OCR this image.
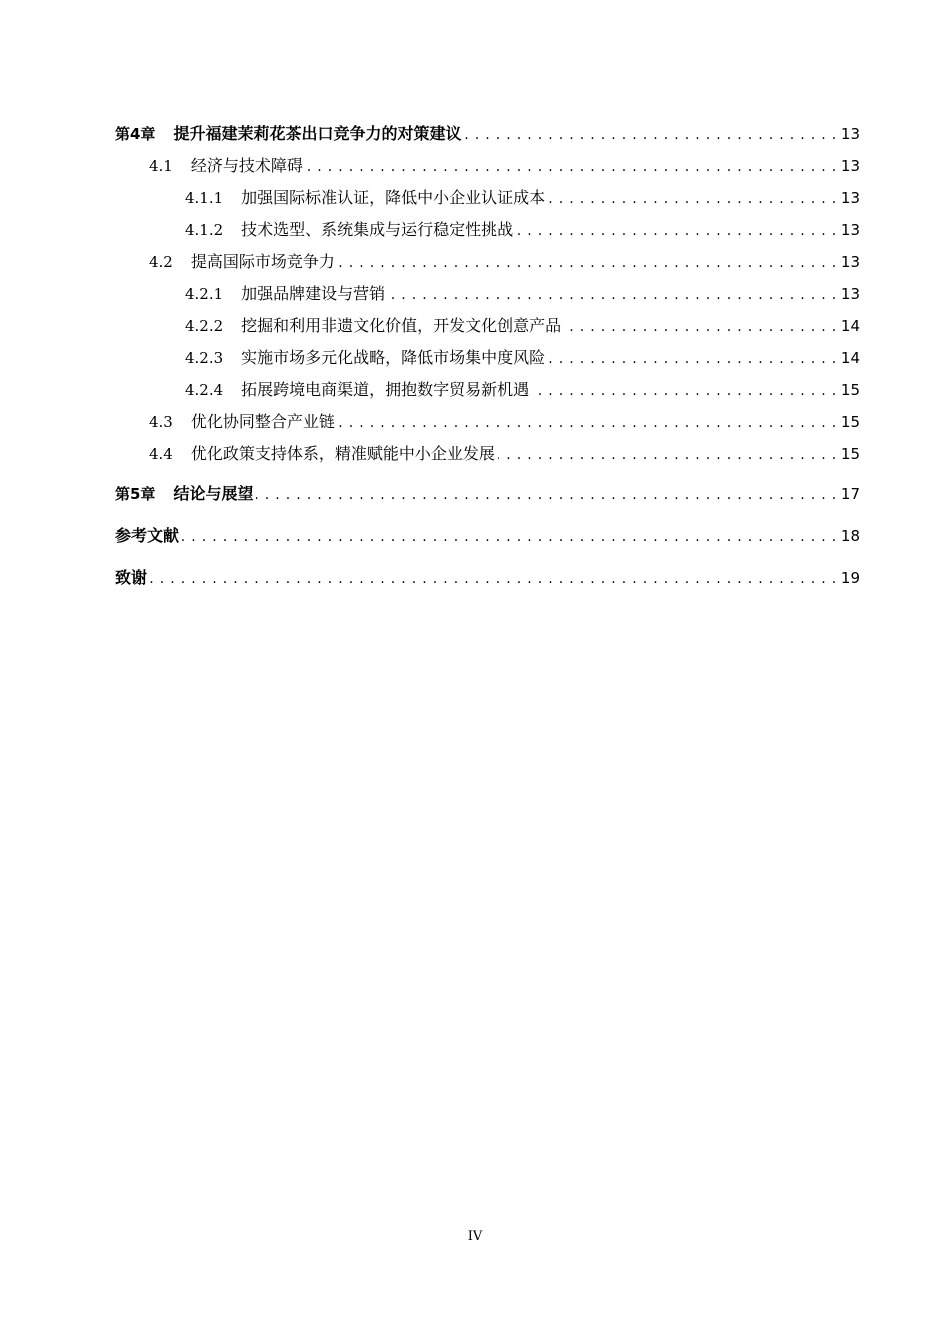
第4章 提升福建茉莉花茶出口竞争力的对策建议 . . .	13
4.1 经济与技术障碍 . . .	13
4.1.1 加强国际标准认证，降低中小企业认证成本 . . .	13
4.1.2 技术选型、系统集成与运行稳定性挑战 . . .	13
4.2 提高国际市场竞争力 . . .	13
4.2.1 加强品牌建设与营销 . . .	13
4.2.2 挖掘和利用非遗文化价值，开发文化创意产品 . . .	14
4.2.3 实施市场多元化战略，降低市场集中度风险 . . .	14
4.2.4 拓展跨境电商渠道，拥抱数字贸易新机遇 . . .	15
4.3 优化协同整合产业链 . . .	15
4.4 优化政策支持体系，精准赋能中小企业发展 . . .	15
第5章 结论与展望 . . .	17
参考文献 . . .	18
致谢 . . .	19
IV
